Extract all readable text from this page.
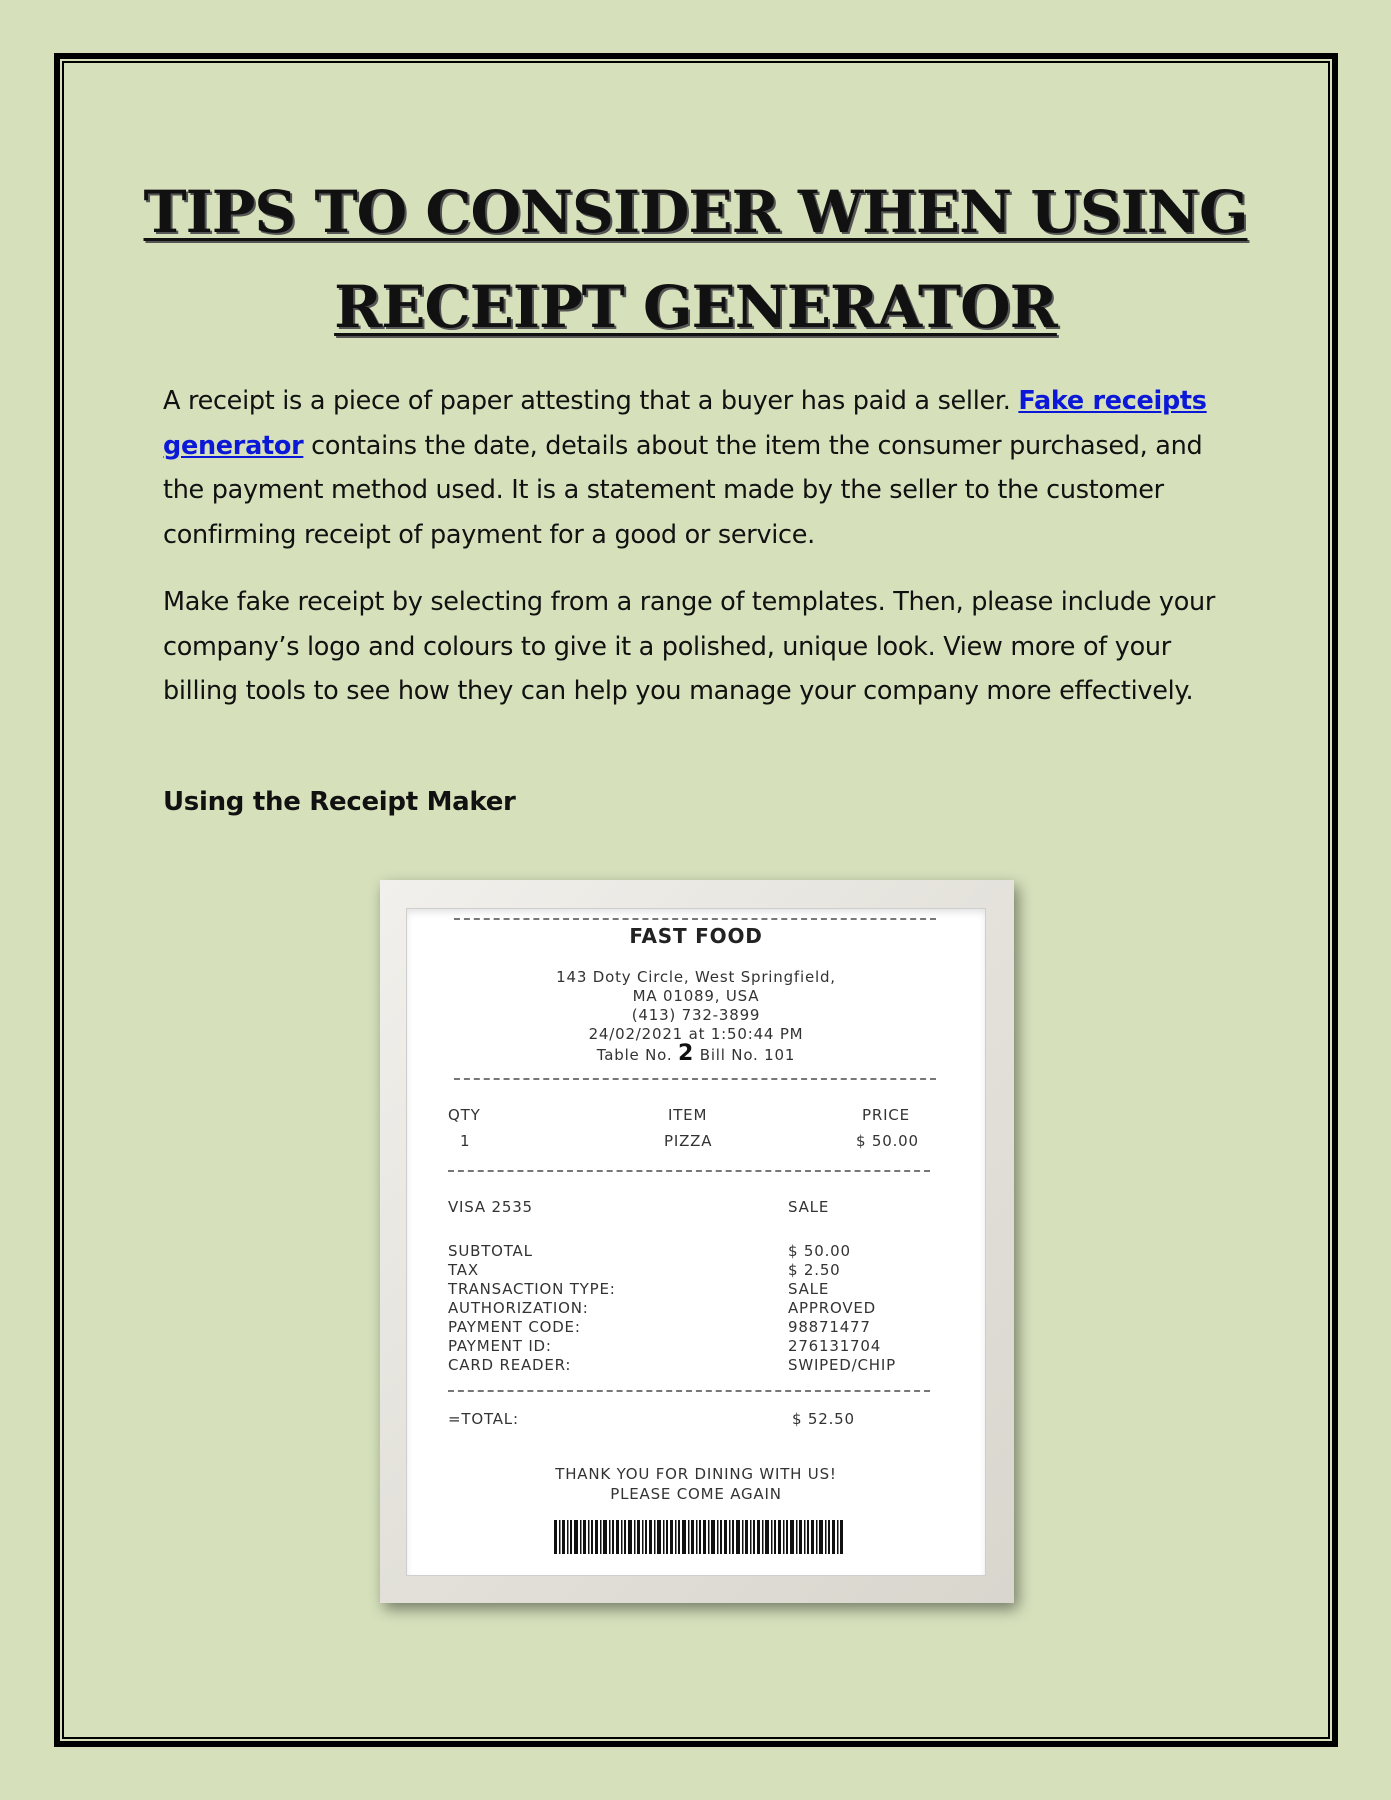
TIPS TO CONSIDER WHEN USING
RECEIPT GENERATOR

A receipt is a piece of paper attesting that a buyer has paid a seller. Fake receipts generator contains the date, details about the item the consumer purchased, and the payment method used. It is a statement made by the seller to the customer confirming receipt of payment for a good or service.

Make fake receipt by selecting from a range of templates. Then, please include your company’s logo and colours to give it a polished, unique look. View more of your billing tools to see how they can help you manage your company more effectively.

Using the Receipt Maker
FAST FOOD
143 Doty Circle, West Springfield,
MA 01089, USA
(413) 732-3899
24/02/2021 at 1:50:44 PM
Table No. 2 Bill No. 101
QTY	ITEM	PRICE
1	PIZZA	$ 50.00
VISA 2535	SALE
SUBTOTAL	$ 50.00
TAX	$ 2.50
TRANSACTION TYPE:	SALE
AUTHORIZATION:	APPROVED
PAYMENT CODE:	98871477
PAYMENT ID:	276131704
CARD READER:	SWIPED/CHIP
=TOTAL:	$ 52.50
THANK YOU FOR DINING WITH US!
PLEASE COME AGAIN
